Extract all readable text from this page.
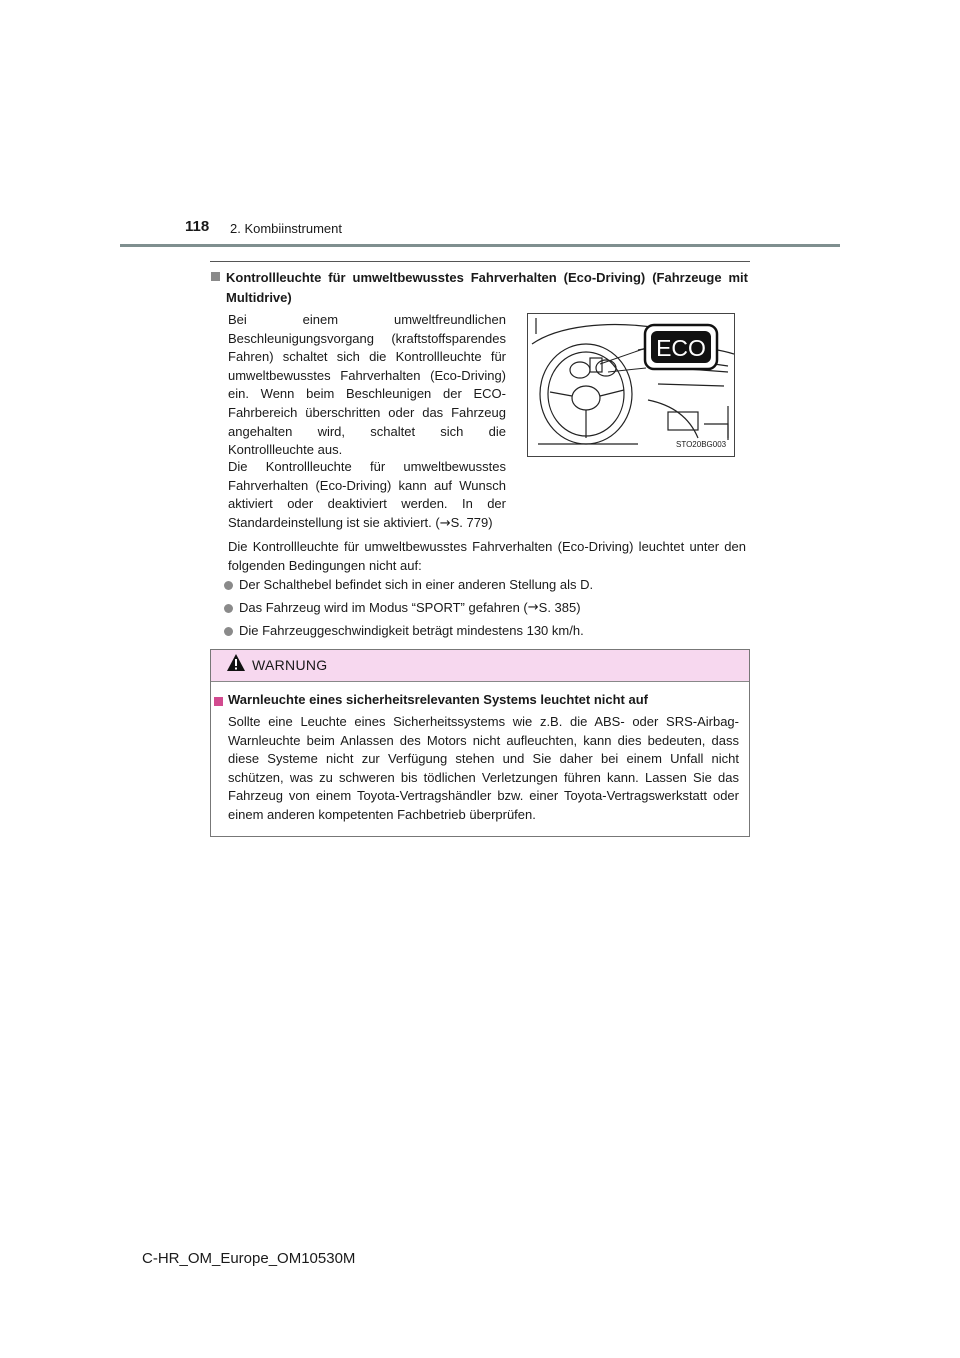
118 2. Kombiinstrument
Kontrollleuchte für umweltbewusstes Fahrverhalten (Eco-Driving) (Fahrzeuge mit Multidrive)
Bei einem umweltfreundlichen Beschleunigungsvorgang (kraftstoffsparendes Fahren) schaltet sich die Kontrollleuchte für umweltbewusstes Fahrverhalten (Eco-Driving) ein. Wenn beim Beschleunigen der ECO-Fahrbereich überschritten oder das Fahrzeug angehalten wird, schaltet sich die Kontrollleuchte aus.
Die Kontrollleuchte für umweltbewusstes Fahrverhalten (Eco-Driving) kann auf Wunsch aktiviert oder deaktiviert werden. In der Standardeinstellung ist sie aktiviert. (→S. 779)
ECO
STO20BG003
Die Kontrollleuchte für umweltbewusstes Fahrverhalten (Eco-Driving) leuchtet unter den folgenden Bedingungen nicht auf:
Der Schalthebel befindet sich in einer anderen Stellung als D.
Das Fahrzeug wird im Modus “SPORT” gefahren ( → S. 385)
Die Fahrzeuggeschwindigkeit beträgt mindestens 130 km/h.
WARNUNG
Warnleuchte eines sicherheitsrelevanten Systems leuchtet nicht auf
Sollte eine Leuchte eines Sicherheitssystems wie z.B. die ABS- oder SRS-Airbag-Warnleuchte beim Anlassen des Motors nicht aufleuchten, kann dies bedeuten, dass diese Systeme nicht zur Verfügung stehen und Sie daher bei einem Unfall nicht schützen, was zu schweren bis tödlichen Verletzungen führen kann. Lassen Sie das Fahrzeug von einem Toyota-Vertragshändler bzw. einer Toyota-Vertragswerkstatt oder einem anderen kompetenten Fachbetrieb überprüfen.
C-HR_OM_Europe_OM10530M
